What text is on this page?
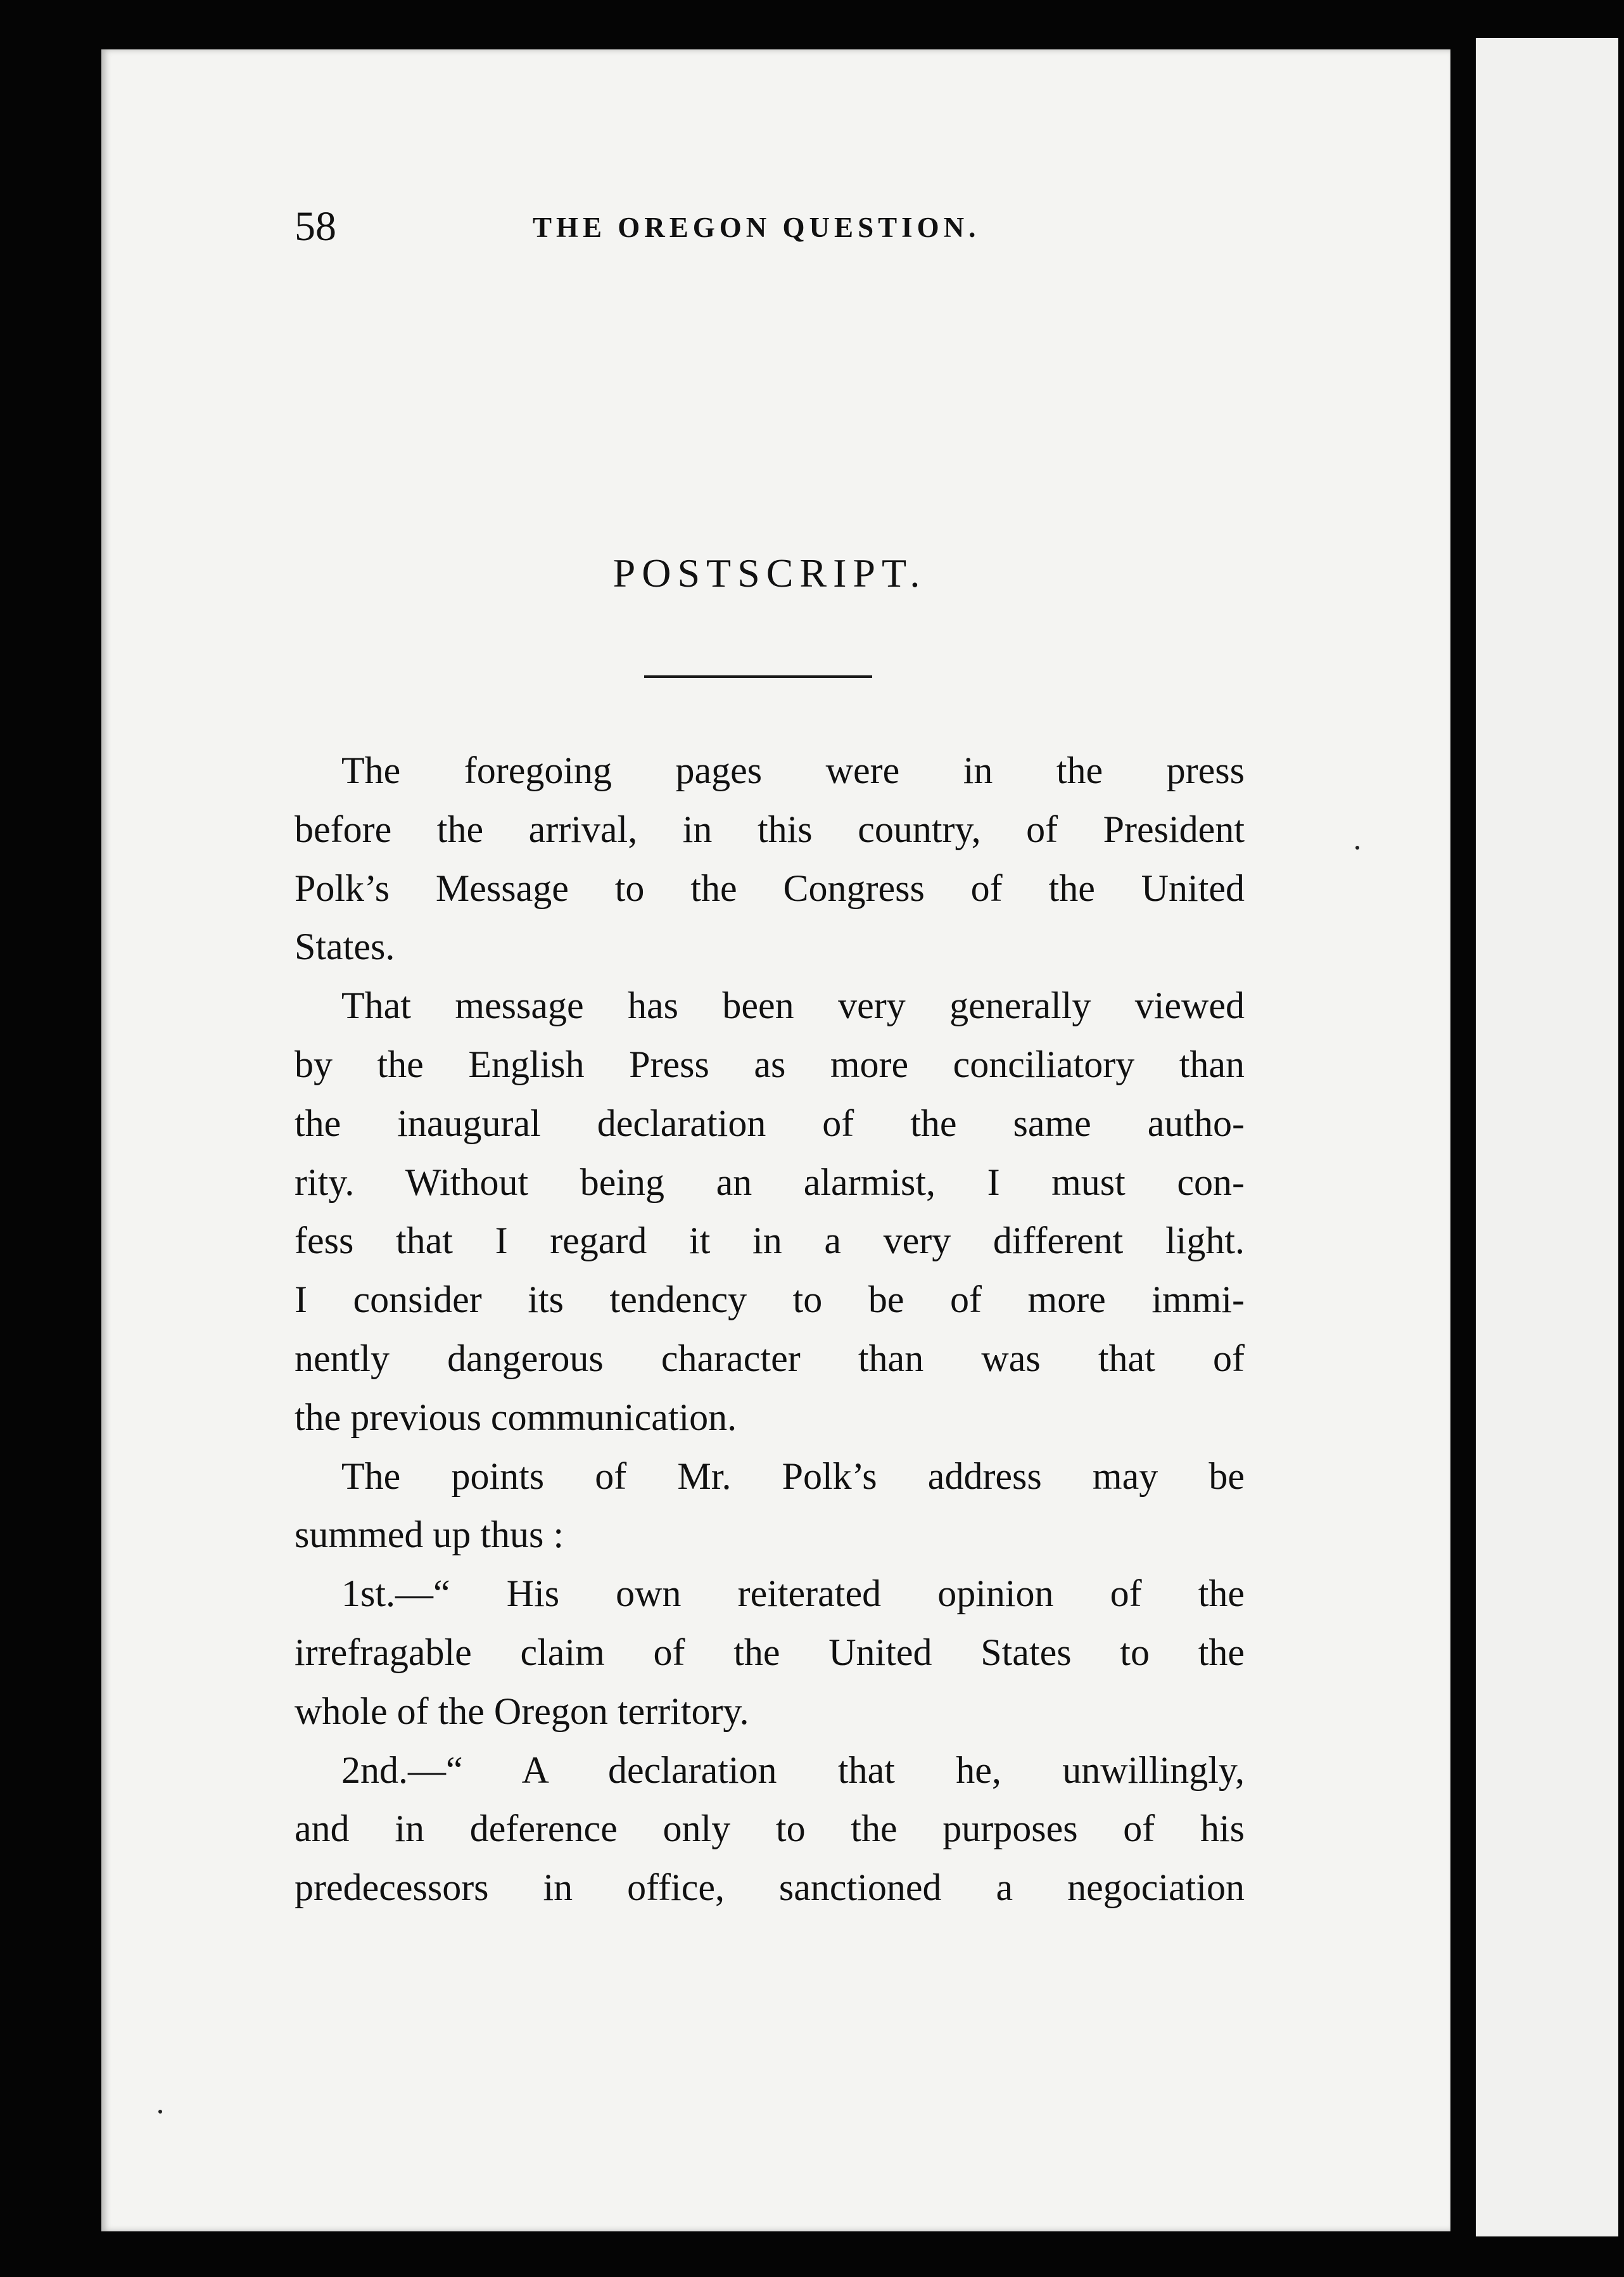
58	THE OREGON QUESTION.
POSTSCRIPT.
The foregoing pages were in the press
before the arrival, in this country, of President
Polk’s Message to the Congress of the United
States.
That message has been very generally viewed
by the English Press as more conciliatory than
the inaugural declaration of the same autho-
rity. Without being an alarmist, I must con-
fess that I regard it in a very different light.
I consider its tendency to be of more immi-
nently dangerous character than was that of
the previous communication.
The points of Mr. Polk’s address may be
summed up thus :
1st.—“ His own reiterated opinion of the
irrefragable claim of the United States to the
whole of the Oregon territory.
2nd.—“ A declaration that he, unwillingly,
and in deference only to the purposes of his
predecessors in office, sanctioned a negociation
